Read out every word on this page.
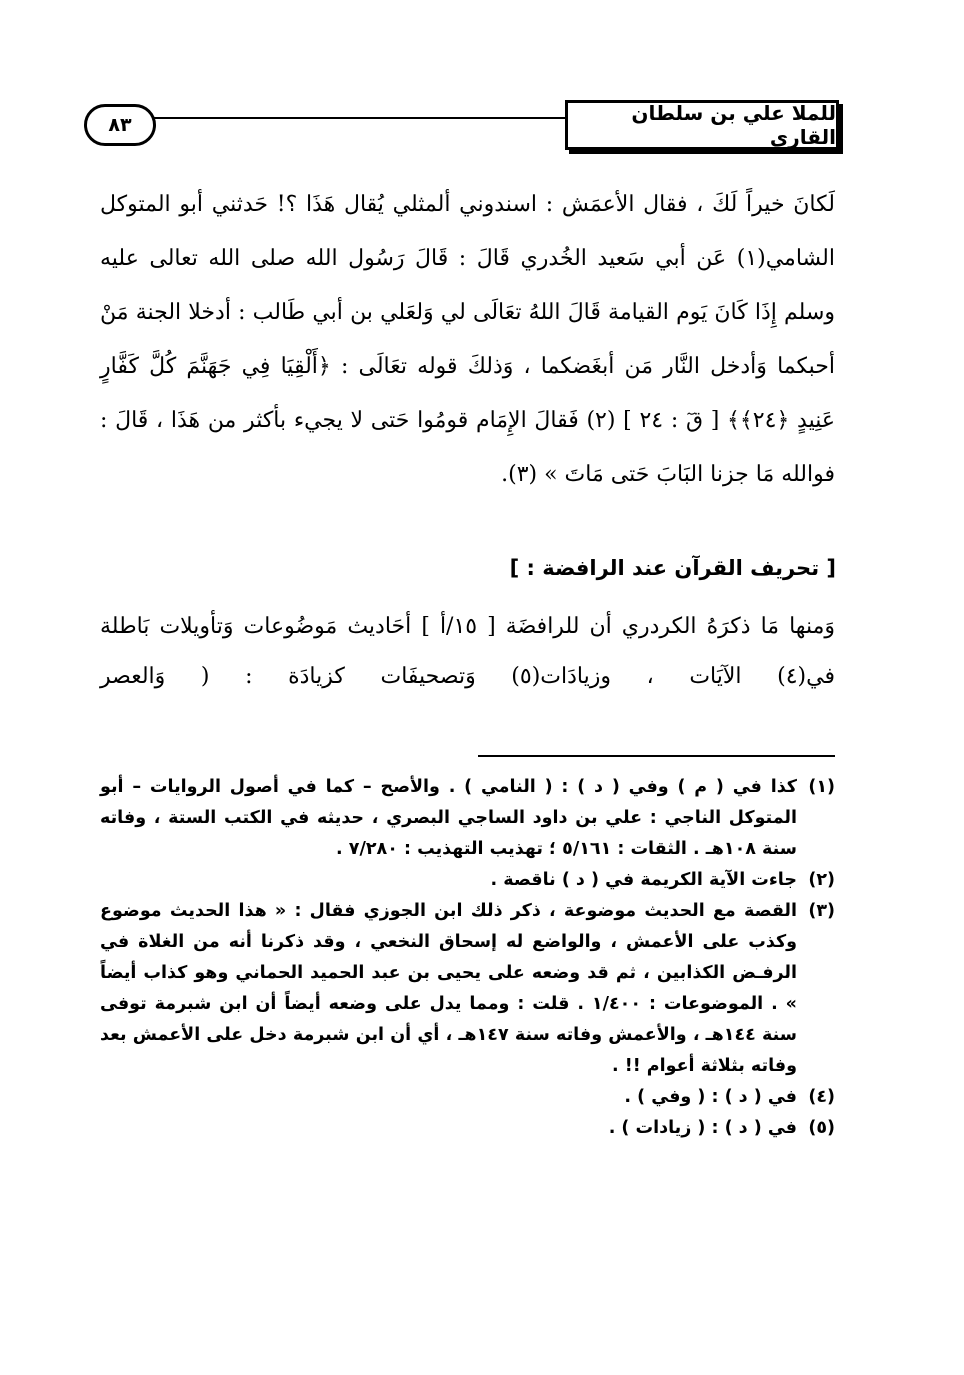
للملا علي بن سلطان القاري
٨٣

لَكانَ خيراً لَكَ ، فقال الأعمَش : اسندوني ألمثلي يُقال هَذَا ؟! حَدثني أبو المتوكل الشامي(١) عَن أبي سَعيد الخُدري قَالَ : قَالَ رَسُول الله صلى الله تعالى عليه وسلم إِذَا كَانَ يَوم القيامة قَالَ اللهُ تعَالَى لي وَلعَلي بن أبي طَالب : أدخلا الجنة مَنْ أحبكما وَأدخل النَّار مَن أبغَضكما ، وَذلكَ قوله تعَالَى : ﴿أَلْقِيَا فِي جَهَنَّمَ كُلَّ كَفَّارٍ عَنِيدٍ ﴿٢٤﴾﴾ [ قٓ : ٢٤ ] (٢) فَقالَ الإِمَام قومُوا حَتى لا يجيء بأكثر من هَذَا ، قَالَ : فوالله مَا جزنا البَابَ حَتى مَاتَ » (٣).

[ تحريف القرآن عند الرافضة : ]

وَمنها مَا ذكرَهُ الكردري أن للرافضَة [ ١٥/أ ] أحَاديث مَوضُوعات وَتأويلات بَاطلة في(٤) الآيَات ، وزيادَات(٥) وَتصحيفَات كزيادَة : ( وَالعصر

(١)
كذا في ( م ) وفي ( د ) : ( النامي ) . والأصح – كما في أصول الروايات – أبو المتوكل الناجي : علي بن داود الساجي البصري ، حديثه في الكتب الستة ، وفاته سنة ١٠٨هـ . الثقات : ٥/١٦١ ؛ تهذيب التهذيب : ٧/٢٨٠ .
(٢)
جاءت الآية الكريمة في ( د ) ناقصة .
(٣)
القصة مع الحديث موضوعة ، ذكر ذلك ابن الجوزي فقال : « هذا الحديث موضوع وكذب على الأعمش ، والواضع له إسحاق النخعي ، وقد ذكرنا أنه من الغلاة في الرفـض الكذابين ، ثم قد وضعه على يحيى بن عبد الحميد الحماني وهو كذاب أيضاً » . الموضوعات : ١/٤٠٠ . قلت : ومما يدل على وضعه أيضاً أن ابن شبرمة توفى سنة ١٤٤هـ ، والأعمش وفاته سنة ١٤٧هـ ، أي أن ابن شبرمة دخل على الأعمش بعد وفاته بثلاثة أعوام !! .
(٤)
في ( د ) : ( وفي ) .
(٥)
في ( د ) : ( زيادات ) .
